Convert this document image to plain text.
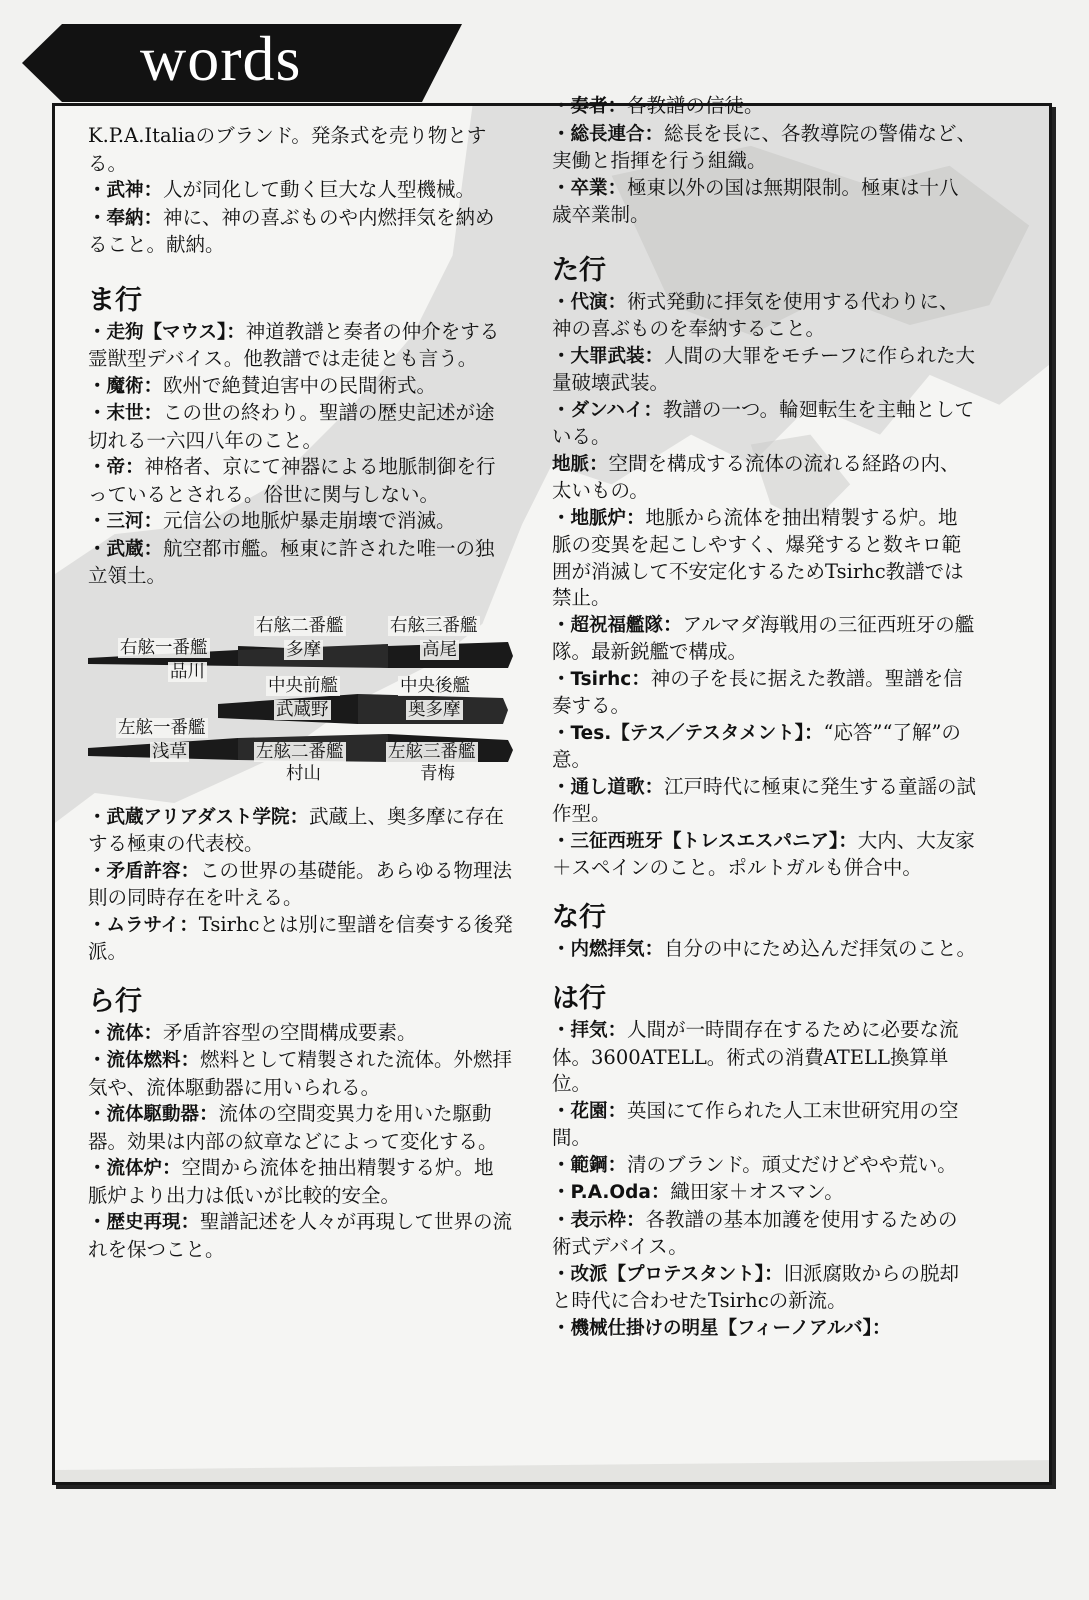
words

K.P.A.Italiaのブランド。発条式を売り物とする。

・武神：人が同化して動く巨大な人型機械。

・奉納：神に、神の喜ぶものや内燃拝気を納めること。献納。

ま行

・走狗【マウス】：神道教譜と奏者の仲介をする霊獣型デバイス。他教譜では走徒とも言う。

・魔術：欧州で絶賛迫害中の民間術式。

・末世：この世の終わり。聖譜の歴史記述が途切れる一六四八年のこと。

・帝：神格者、京にて神器による地脈制御を行っているとされる。俗世に関与しない。

・三河：元信公の地脈炉暴走崩壊で消滅。

・武蔵：航空都市艦。極東に許された唯一の独立領土。

右舷一番艦
品川
右舷二番艦
多摩
右舷三番艦
高尾
中央前艦
武蔵野
中央後艦
奥多摩
左舷一番艦
浅草	左舷二番艦
村山
左舷三番艦
青梅

・武蔵アリアダスト学院：武蔵上、奥多摩に存在する極東の代表校。

・矛盾許容：この世界の基礎能。あらゆる物理法則の同時存在を叶える。

・ムラサイ：Tsirhcとは別に聖譜を信奏する後発派。

ら行

・流体：矛盾許容型の空間構成要素。

・流体燃料：燃料として精製された流体。外燃拝気や、流体駆動器に用いられる。

・流体駆動器：流体の空間変異力を用いた駆動器。効果は内部の紋章などによって変化する。

・流体炉：空間から流体を抽出精製する炉。地脈炉より出力は低いが比較的安全。

・歴史再現：聖譜記述を人々が再現して世界の流れを保つこと。

・奏者：各教譜の信徒。

・総長連合：総長を長に、各教導院の警備など、実働と指揮を行う組織。

・卒業：極東以外の国は無期限制。極東は十八歳卒業制。

た行

・代演：術式発動に拝気を使用する代わりに、神の喜ぶものを奉納すること。

・大罪武装：人間の大罪をモチーフに作られた大量破壊武装。

・ダンハイ：教譜の一つ。輪廻転生を主軸としている。

地脈：空間を構成する流体の流れる経路の内、太いもの。

・地脈炉：地脈から流体を抽出精製する炉。地脈の変異を起こしやすく、爆発すると数キロ範囲が消滅して不安定化するためTsirhc教譜では禁止。

・超祝福艦隊：アルマダ海戦用の三征西班牙の艦隊。最新鋭艦で構成。

・Tsirhc：神の子を長に据えた教譜。聖譜を信奏する。

・Tes.【テス／テスタメント】：“応答”“了解”の意。

・通し道歌：江戸時代に極東に発生する童謡の試作型。

・三征西班牙【トレスエスパニア】：大内、大友家＋スペインのこと。ポルトガルも併合中。

な行

・内燃拝気：自分の中にため込んだ拝気のこと。

は行

・拝気：人間が一時間存在するために必要な流体。3600ATELL。術式の消費ATELL換算単位。

・花園：英国にて作られた人工末世研究用の空間。

・範鋼：清のブランド。頑丈だけどやや荒い。

・P.A.Oda：織田家＋オスマン。

・表示枠：各教譜の基本加護を使用するための術式デバイス。

・改派【プロテスタント】：旧派腐敗からの脱却と時代に合わせたTsirhcの新流。

・機械仕掛けの明星【フィーノアルバ】：
